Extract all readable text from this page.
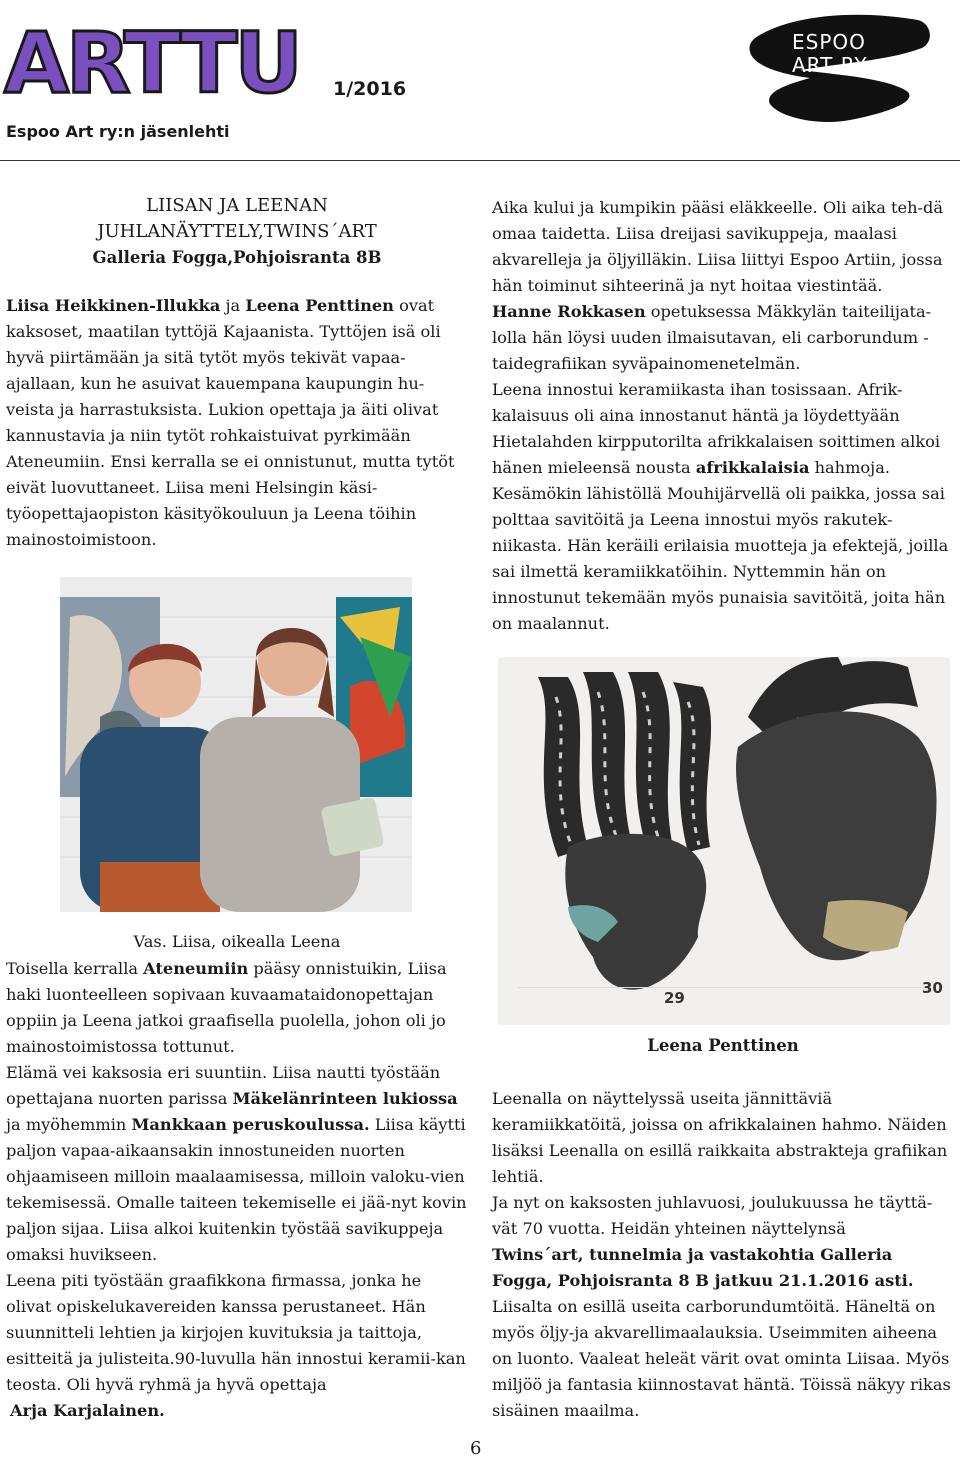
ARTTU 1/2016
Espoo Art ry:n jäsenlehti
ESPOO
ART RY
LIISAN JA LEENAN
JUHLANÄYTTELY,TWINS´ART
Galleria Fogga,Pohjoisranta 8B

Liisa Heikkinen-Illukka ja Leena Penttinen ovat kaksoset, maatilan tyttöjä Kajaanista. Tyttöjen isä oli hyvä piirtämään ja sitä tytöt myös tekivät vapaa-ajallaan, kun he asuivat kauempana kaupungin hu-veista ja harrastuksista. Lukion opettaja ja äiti olivat kannustavia ja niin tytöt rohkaistuivat pyrkimään Ateneumiin. Ensi kerralla se ei onnistunut, mutta tytöt eivät luovuttaneet. Liisa meni Helsingin käsi-työopettajaopiston käsityökouluun ja Leena töihin mainostoimistoon.

Vas. Liisa, oikealla Leena

Toisella kerralla Ateneumiin pääsy onnistuikin, Liisa haki luonteelleen sopivaan kuvaamataidonopettajan oppiin ja Leena jatkoi graafisella puolella, johon oli jo mainostoimistossa tottunut.

Elämä vei kaksosia eri suuntiin. Liisa nautti työstään opettajana nuorten parissa Mäkelänrinteen lukiossa ja myöhemmin Mankkaan peruskoulussa. Liisa käytti paljon vapaa-aikaansakin innostuneiden nuorten ohjaamiseen milloin maalaamisessa, milloin valoku-vien tekemisessä. Omalle taiteen tekemiselle ei jää-nyt kovin paljon sijaa. Liisa alkoi kuitenkin työstää savikuppeja omaksi huvikseen.

Leena piti työstään graafikkona firmassa, jonka he olivat opiskelukavereiden kanssa perustaneet. Hän suunnitteli lehtien ja kirjojen kuvituksia ja taittoja, esitteitä ja julisteita.90-luvulla hän innostui keramii-kan teosta. Oli hyvä ryhmä ja hyvä opettaja
Arja Karjalainen.

Aika kului ja kumpikin pääsi eläkkeelle. Oli aika teh-dä omaa taidetta. Liisa dreijasi savikuppeja, maalasi akvarelleja ja öljyilläkin. Liisa liittyi Espoo Artiin, jossa hän toiminut sihteerinä ja nyt hoitaa viestintää.

Hanne Rokkasen opetuksessa Mäkkylän taiteilijata-lolla hän löysi uuden ilmaisutavan, eli carborundum - taidegrafiikan syväpainomenetelmän.

Leena innostui keramiikasta ihan tosissaan. Afrik-kalaisuus oli aina innostanut häntä ja löydettyään Hietalahden kirpputorilta afrikkalaisen soittimen alkoi hänen mieleensä nousta afrikkalaisia hahmoja. Kesämökin lähistöllä Mouhijärvellä oli paikka, jossa sai polttaa savitöitä ja Leena innostui myös rakutek-niikasta. Hän keräili erilaisia muotteja ja efektejä, joilla sai ilmettä keramiikkatöihin. Nyttemmin hän on innostunut tekemään myös punaisia savitöitä, joita hän on maalannut.

29
30
Leena Penttinen

Leenalla on näyttelyssä useita jännittäviä keramiikkatöitä, joissa on afrikkalainen hahmo. Näiden lisäksi Leenalla on esillä raikkaita abstrakteja grafiikan lehtiä.

Ja nyt on kaksosten juhlavuosi, joulukuussa he täyttä-vät 70 vuotta. Heidän yhteinen näyttelynsä
Twins´art, tunnelmia ja vastakohtia Galleria Fogga, Pohjoisranta 8 B jatkuu 21.1.2016 asti.

Liisalta on esillä useita carborundumtöitä. Häneltä on myös öljy-ja akvarellimaalauksia. Useimmiten aiheena on luonto. Vaaleat heleät värit ovat ominta Liisaa. Myös miljöö ja fantasia kiinnostavat häntä. Töissä näkyy rikas sisäinen maailma.

6
